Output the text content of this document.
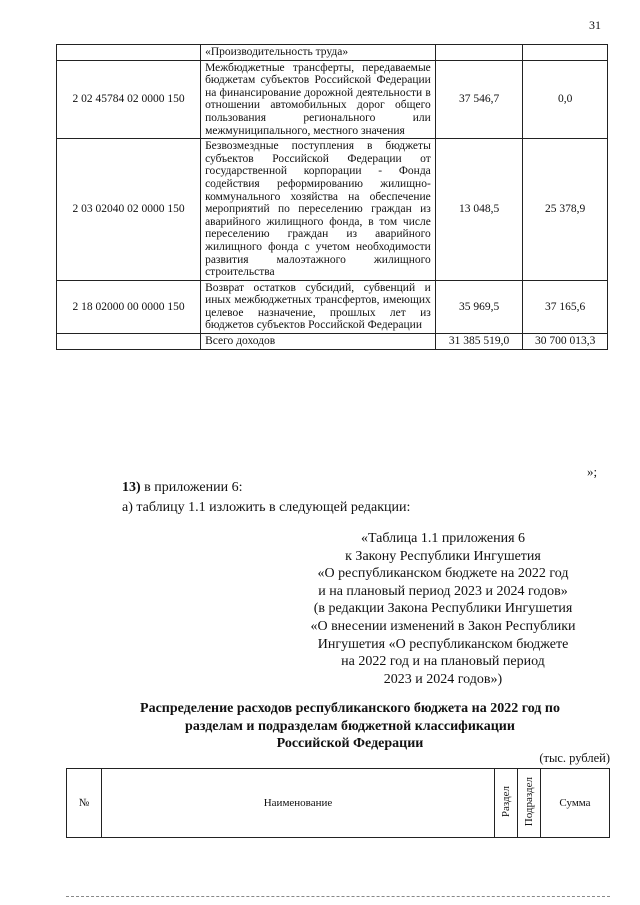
31
	«Производительность труда»		
2 02 45784 02 0000 150	Межбюджетные трансферты, передаваемые бюджетам субъектов Российской Федерации на финансирование дорожной деятельности в отношении автомобильных дорог общего пользования регионального или межмуниципального, местного значения	37 546,7	0,0
2 03 02040 02 0000 150	Безвозмездные поступления в бюджеты субъектов Российской Федерации от государственной корпорации - Фонда содействия реформированию жилищно-коммунального хозяйства на обеспечение мероприятий по переселению граждан из аварийного жилищного фонда, в том числе переселению граждан из аварийного жилищного фонда с учетом необходимости развития малоэтажного жилищного строительства	13 048,5	25 378,9
2 18 02000 00 0000 150	Возврат остатков субсидий, субвенций и иных межбюджетных трансфертов, имеющих целевое назначение, прошлых лет из бюджетов субъектов Российской Федерации	35 969,5	37 165,6
	Всего доходов	31 385 519,0	30 700 013,3
»;
13) в приложении 6:
а) таблицу 1.1 изложить в следующей редакции:
«Таблица 1.1 приложения 6
к Закону Республики Ингушетия
«О республиканском бюджете на 2022 год
и на плановый период 2023 и 2024 годов»
(в редакции Закона Республики Ингушетия
«О внесении изменений в Закон Республики
Ингушетия «О республиканском бюджете
на 2022 год и на плановый период
2023 и 2024 годов»)
Распределение расходов республиканского бюджета на 2022 год по
разделам и подразделам бюджетной классификации
Российской Федерации
(тыс. рублей)
№	Наименование	Раздел	Подраздел	Сумма
